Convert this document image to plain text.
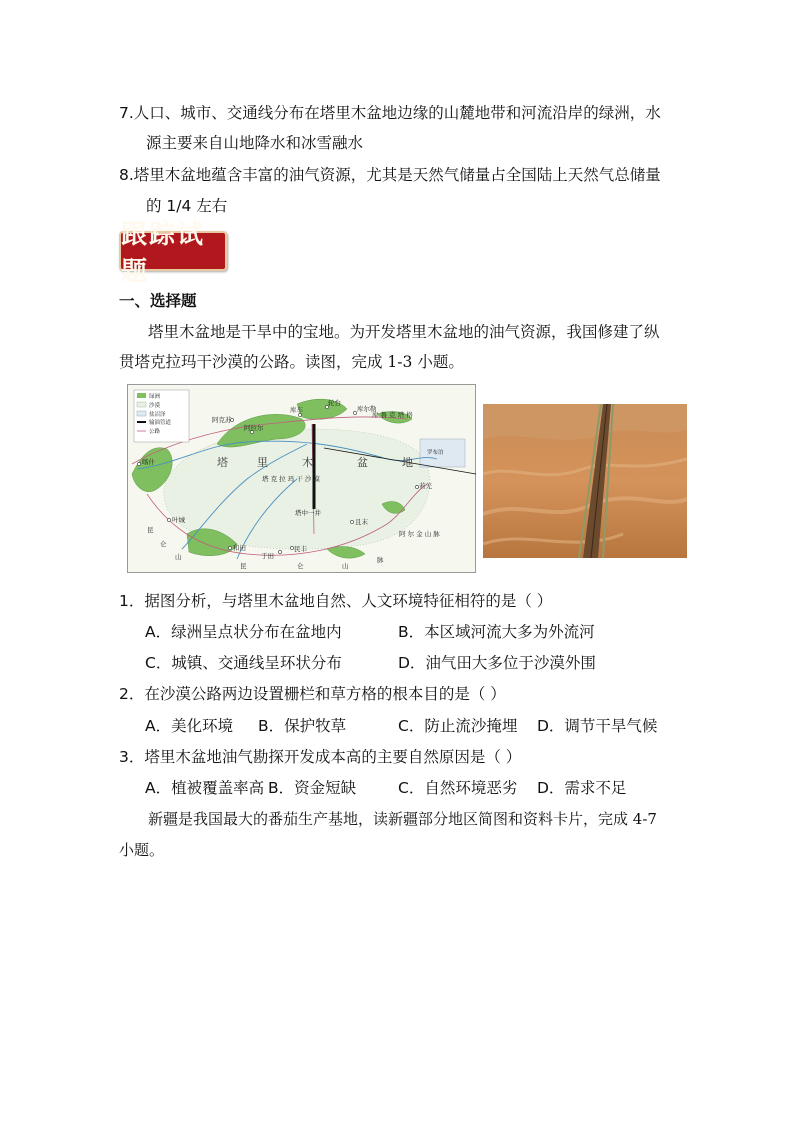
7.人口、城市、交通线分布在塔里木盆地边缘的山麓地带和河流沿岸的绿洲，水
源主要来自山地降水和冰雪融水
8.塔里木盆地蕴含丰富的油气资源，尤其是天然气储量占全国陆上天然气总储量
的 1/4 左右
跟踪试题
一、选择题
塔里木盆地是干旱中的宝地。为开发塔里木盆地的油气资源，我国修建了纵
贯塔克拉玛干沙漠的公路。读图，完成 1-3 小题。
绿洲
沙漠
盐沼泽
输油管道
公路
阿克苏
阿拉尔
库车
轮台
库尔勒
喀什
叶城
和田
于田
民丰
塔中一井
且末
若羌
罗布泊
塔 里	木	盆	地
塔 克 拉 玛 干 沙 漠
库 鲁 克 塔 格
阿 尔 金 山 脉
昆
仑
山
昆	仑	山
脉
1．据图分析，与塔里木盆地自然、人文环境特征相符的是（ ）
A．绿洲呈点状分布在盆地内	B．本区域河流大多为外流河
C．城镇、交通线呈环状分布	D．油气田大多位于沙漠外围
2．在沙漠公路两边设置栅栏和草方格的根本目的是（ ）
A．美化环境 B．保护牧草	C．防止流沙掩埋 D．调节干旱气候
3．塔里木盆地油气勘探开发成本高的主要自然原因是（ ）
A．植被覆盖率高 B．资金短缺	C．自然环境恶劣 D．需求不足
新疆是我国最大的番茄生产基地，读新疆部分地区简图和资料卡片，完成 4-7
小题。
